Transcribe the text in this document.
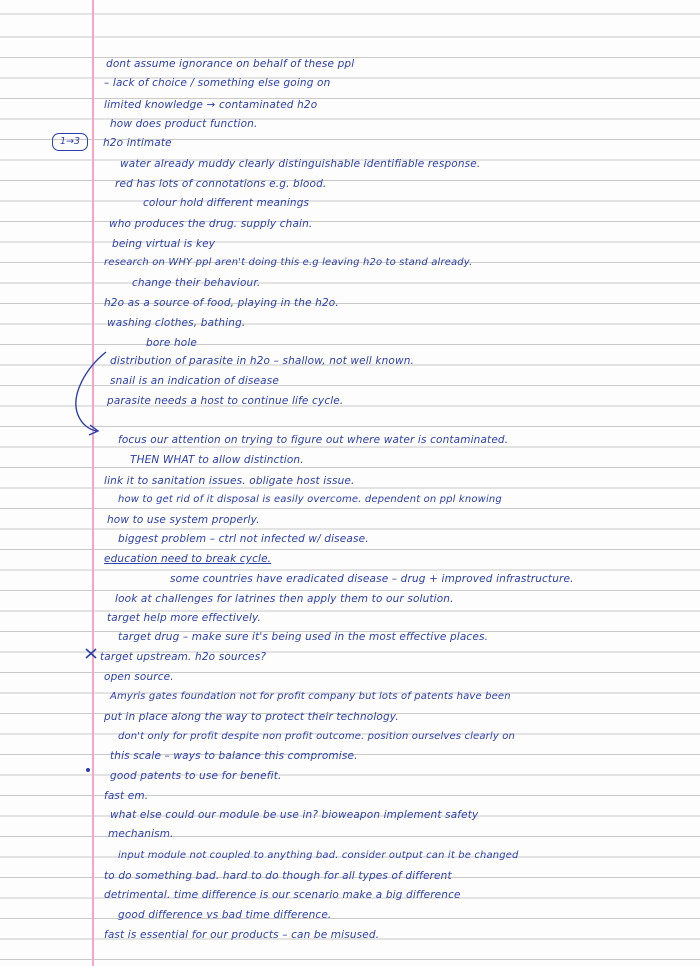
1→3
dont assume ignorance on behalf of these ppl
– lack of choice / something else going on
limited knowledge → contaminated h2o
how does product function.
h2o intimate
water already muddy clearly distinguishable identifiable response.
red has lots of connotations e.g. blood.
colour hold different meanings
who produces the drug. supply chain.
being virtual is key
research on WHY ppl aren't doing this e.g leaving h2o to stand already.
change their behaviour.
h2o as a source of food, playing in the h2o.
washing clothes, bathing.
bore hole
distribution of parasite in h2o – shallow, not well known.
snail is an indication of disease
parasite needs a host to continue life cycle.
focus our attention on trying to figure out where water is contaminated.
THEN WHAT to allow distinction.
link it to sanitation issues. obligate host issue.
how to get rid of it disposal is easily overcome. dependent on ppl knowing
how to use system properly.
biggest problem – ctrl not infected w/ disease.
education need to break cycle.
some countries have eradicated disease – drug + improved infrastructure.
look at challenges for latrines then apply them to our solution.
target help more effectively.
target drug – make sure it's being used in the most effective places.
target upstream. h2o sources?
open source.
Amyris gates foundation not for profit company but lots of patents have been
put in place along the way to protect their technology.
don't only for profit despite non profit outcome. position ourselves clearly on
this scale – ways to balance this compromise.
good patents to use for benefit.
fast em.
what else could our module be use in? bioweapon implement safety
mechanism.
input module not coupled to anything bad. consider output can it be changed
to do something bad. hard to do though for all types of different
detrimental. time difference is our scenario make a big difference
good difference vs bad time difference.
fast is essential for our products – can be misused.
